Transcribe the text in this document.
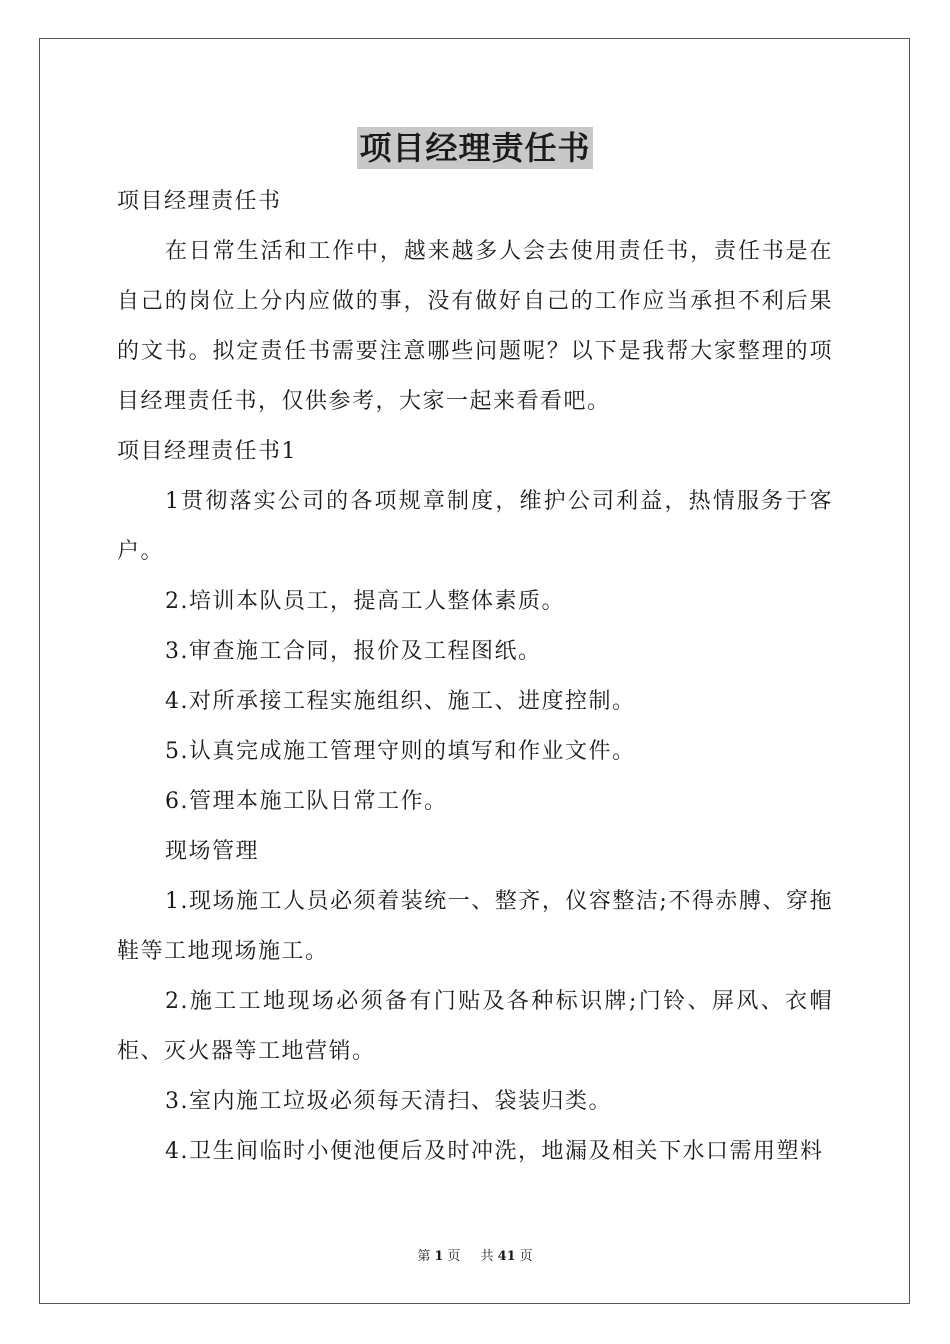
项目经理责任书

项目经理责任书

在日常生活和工作中，越来越多人会去使用责任书，责任书是在自己的岗位上分内应做的事，没有做好自己的工作应当承担不利后果的文书。拟定责任书需要注意哪些问题呢？以下是我帮大家整理的项目经理责任书，仅供参考，大家一起来看看吧。

项目经理责任书1

1贯彻落实公司的各项规章制度，维护公司利益，热情服务于客户。

2.培训本队员工，提高工人整体素质。

3.审查施工合同，报价及工程图纸。

4.对所承接工程实施组织、施工、进度控制。

5.认真完成施工管理守则的填写和作业文件。

6.管理本施工队日常工作。

现场管理

1.现场施工人员必须着装统一、整齐，仪容整洁;不得赤膊、穿拖鞋等工地现场施工。

2.施工工地现场必须备有门贴及各种标识牌;门铃、屏风、衣帽柜、灭火器等工地营销。

3.室内施工垃圾必须每天清扫、袋装归类。

4.卫生间临时小便池便后及时冲洗，地漏及相关下水口需用塑料

第 1 页 共 41 页
